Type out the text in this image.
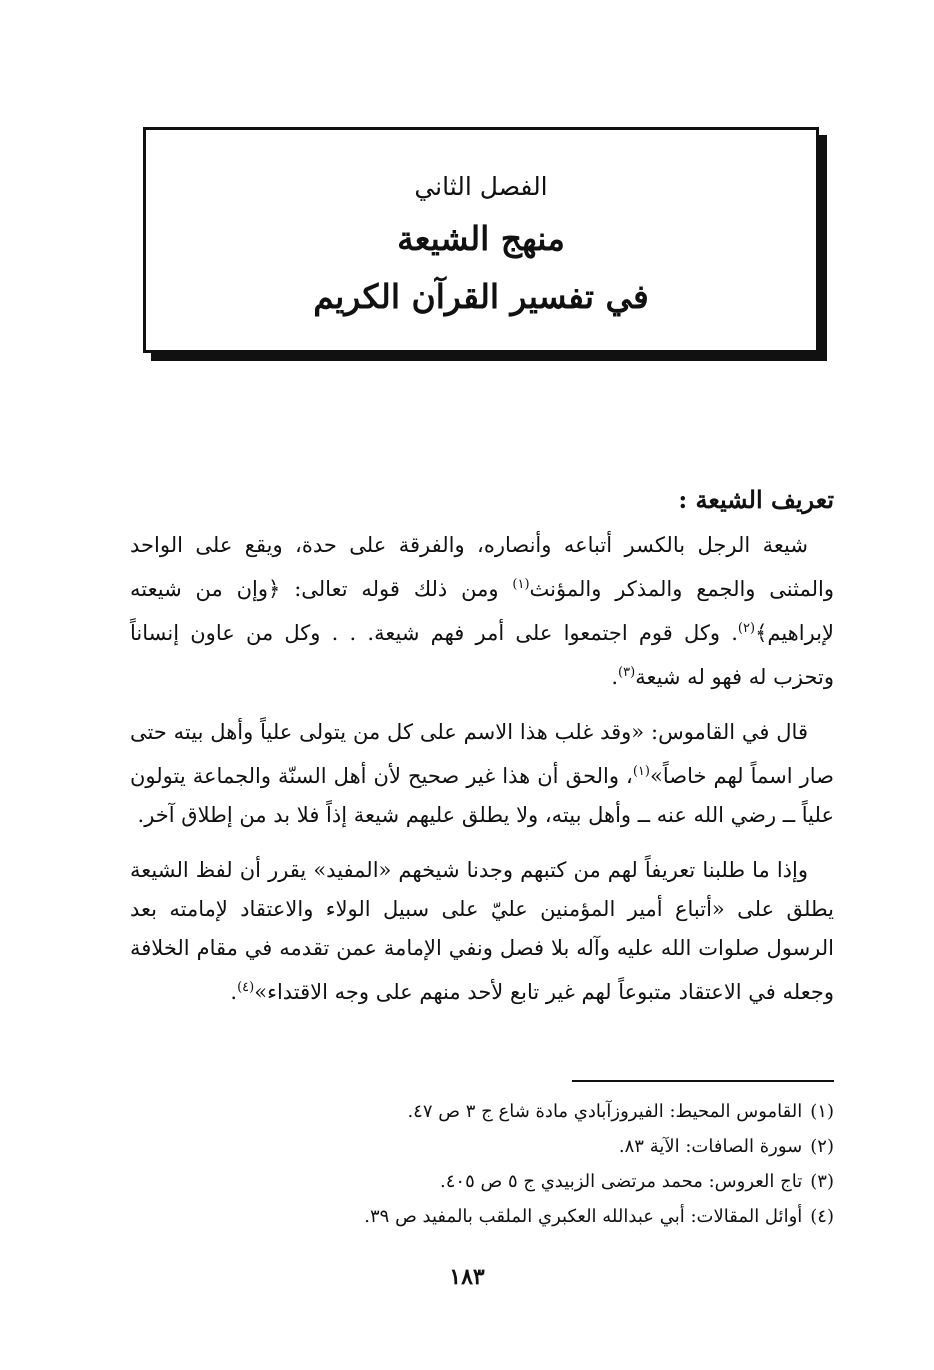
الفصل الثاني
منهج الشيعة
في تفسير القرآن الكريم
تعريف الشيعة :

شيعة الرجل بالكسر أتباعه وأنصاره، والفرقة على حدة، ويقع على الواحد والمثنى والجمع والمذكر والمؤنث$^{(١)}$ ومن ذلك قوله تعالى: ﴿وإن من شيعته لإبراهيم﴾$^{(٢)}$. وكل قوم اجتمعوا على أمر فهم شيعة. . . وكل من عاون إنساناً وتحزب له فهو له شيعة$^{(٣)}$.

قال في القاموس: «وقد غلب هذا الاسم على كل من يتولى علياً وأهل بيته حتى صار اسماً لهم خاصاً»$^{(١)}$، والحق أن هذا غير صحيح لأن أهل السنّة والجماعة يتولون علياً ــ رضي الله عنه ــ وأهل بيته، ولا يطلق عليهم شيعة إذاً فلا بد من إطلاق آخر.

وإذا ما طلبنا تعريفاً لهم من كتبهم وجدنا شيخهم «المفيد» يقرر أن لفظ الشيعة يطلق على «أتباع أمير المؤمنين عليّ على سبيل الولاء والاعتقاد لإمامته بعد الرسول صلوات الله عليه وآله بلا فصل ونفي الإمامة عمن تقدمه في مقام الخلافة وجعله في الاعتقاد متبوعاً لهم غير تابع لأحد منهم على وجه الاقتداء»$^{(٤)}$.

(١)القاموس المحيط: الفيروزآبادي مادة شاع ج ٣ ص ٤٧.
(٢)سورة الصافات: الآية ٨٣.
(٣)تاج العروس: محمد مرتضى الزبيدي ج ٥ ص ٤٠٥.
(٤)أوائل المقالات: أبي عبدالله العكبري الملقب بالمفيد ص ٣٩.
١٨٣
